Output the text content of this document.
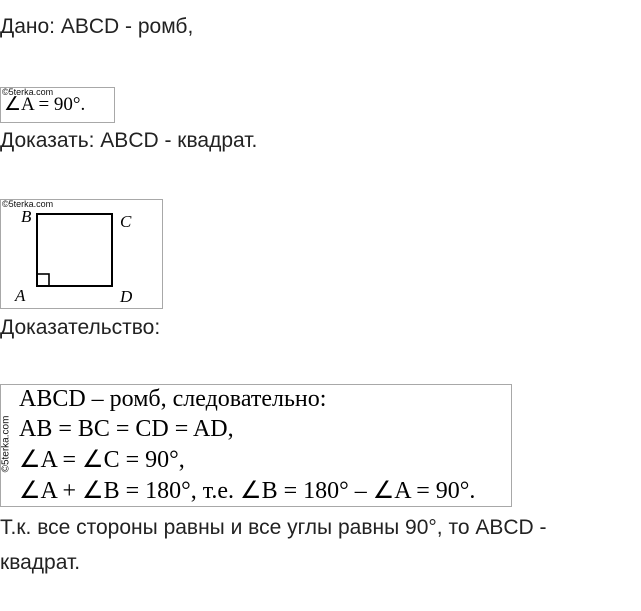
Дано: ABCD - ромб,
©5terka.com
∠A = 90°.
Доказать: ABCD - квадрат.
©5terka.com
B	C
A	D
Доказательство:
©5terka.com
ABCD – ромб, следовательно:
AB = BC = CD = AD,
∠A = ∠C = 90°,
∠A + ∠B = 180°, т.е. ∠B = 180° – ∠A = 90°.
Т.к. все стороны равны и все углы равны 90°, то ABCD -
квадрат.
